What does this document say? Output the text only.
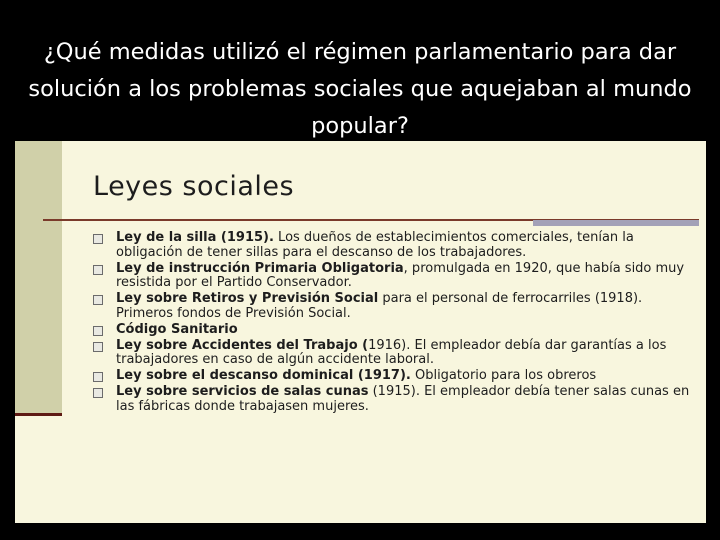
¿Qué medidas utilizó el régimen parlamentario para dar solución a los problemas sociales que aquejaban al mundo popular?
Leyes sociales
Ley de la silla (1915). Los dueños de establecimientos comerciales, tenían la obligación de tener sillas para el descanso de los trabajadores.
Ley de instrucción Primaria Obligatoria, promulgada en 1920, que había sido muy resistida por el Partido Conservador.
Ley sobre Retiros y Previsión Social para el personal de ferrocarriles (1918). Primeros fondos de Previsión Social.
Código Sanitario
Ley sobre Accidentes del Trabajo (1916). El empleador debía dar garantías a los trabajadores en caso de algún accidente laboral.
Ley sobre el descanso dominical (1917). Obligatorio para los obreros
Ley sobre servicios de salas cunas (1915). El empleador debía tener salas cunas en las fábricas donde trabajasen mujeres.
